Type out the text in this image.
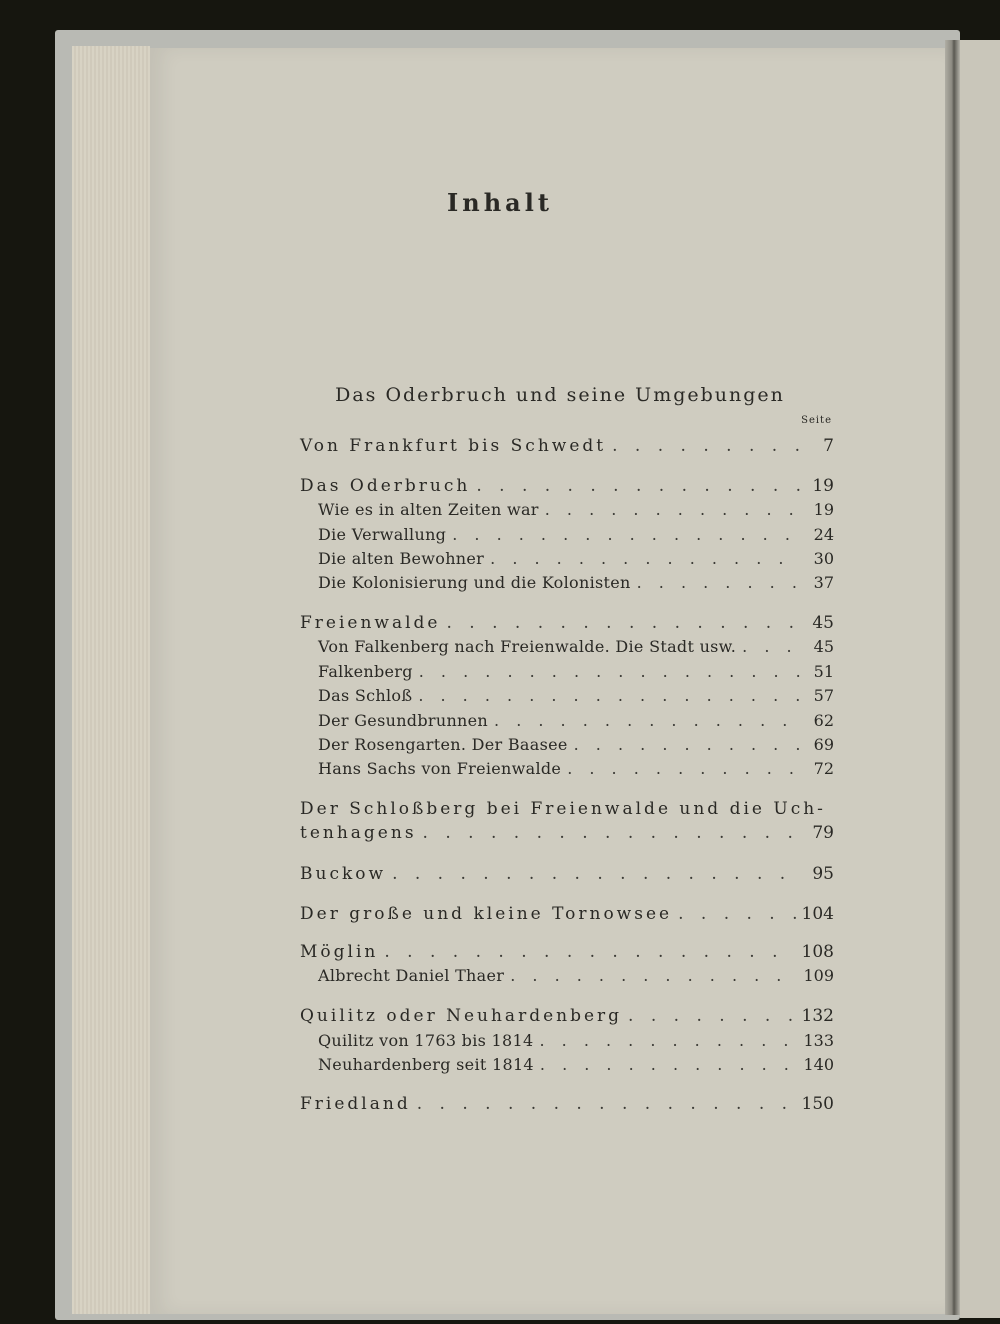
Inhalt
Das Oderbruch und seine Umgebungen
Seite
Von Frankfurt bis Schwedt . . .	7
Das Oderbruch . . .	19
Wie es in alten Zeiten war . . .	19
Die Verwallung . . .	24
Die alten Bewohner . . .	30
Die Kolonisierung und die Kolonisten . . .	37
Freienwalde . . .	45
Von Falkenberg nach Freienwalde. Die Stadt usw. . . .	45
Falkenberg . . .	51
Das Schloß . . .	57
Der Gesundbrunnen . . .	62
Der Rosengarten. Der Baasee . . .	69
Hans Sachs von Freienwalde . . .	72
Der Schloßberg bei Freienwalde und die Uch-
tenhagens . . .	79
Buckow . . .	95
Der große und kleine Tornowsee . . .	104
Möglin . . .	108
Albrecht Daniel Thaer . . .	109
Quilitz oder Neuhardenberg . . .	132
Quilitz von 1763 bis 1814 . . .	133
Neuhardenberg seit 1814 . . .	140
Friedland . . .	150
